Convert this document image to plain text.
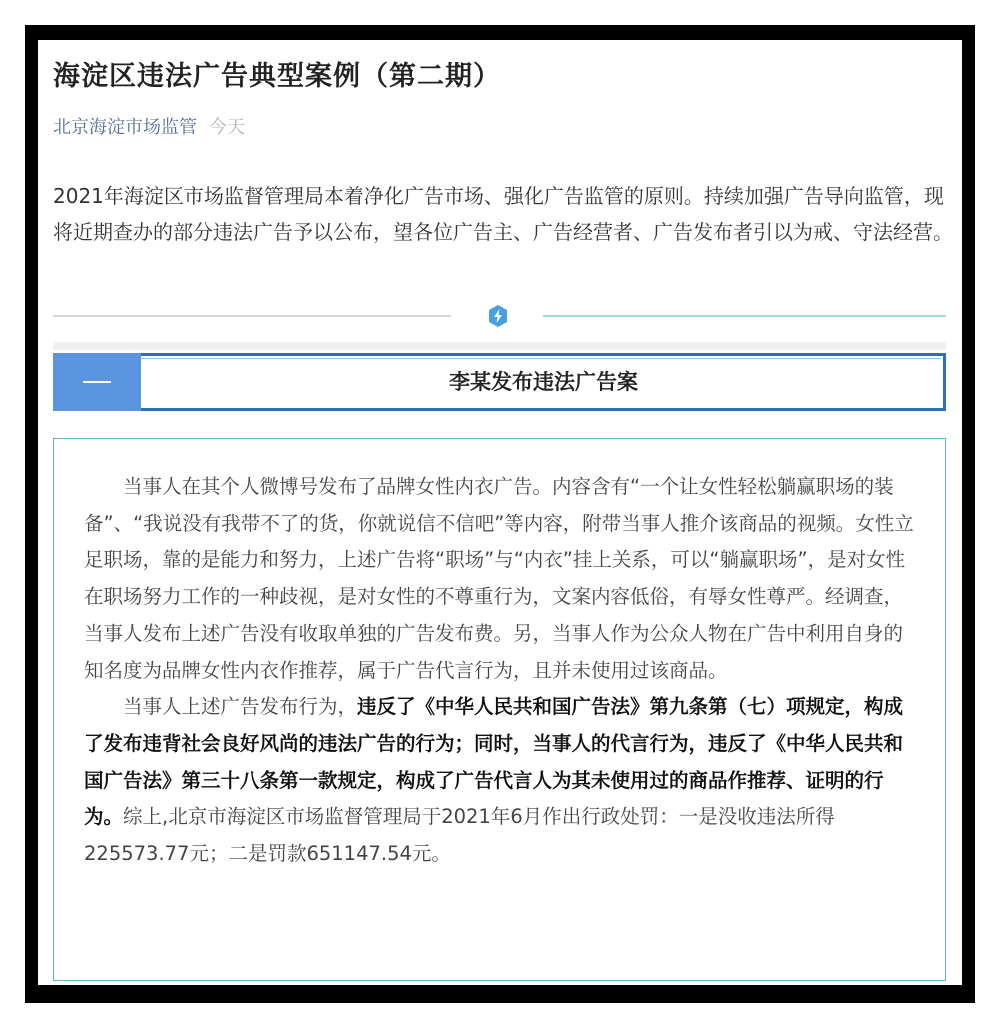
海淀区违法广告典型案例（第二期）
北京海淀市场监管 今天
2021年海淀区市场监督管理局本着净化广告市场、强化广告监管的原则。持续加强广告导向监管，现将近期查办的部分违法广告予以公布，望各位广告主、广告经营者、广告发布者引以为戒、守法经营。
李某发布违法广告案

当事人在其个人微博号发布了品牌女性内衣广告。内容含有“一个让女性轻松躺赢职场的装备”、“我说没有我带不了的货，你就说信不信吧”等内容，附带当事人推介该商品的视频。女性立足职场，靠的是能力和努力，上述广告将“职场”与“内衣”挂上关系，可以“躺赢职场”，是对女性在职场努力工作的一种歧视，是对女性的不尊重行为，文案内容低俗，有辱女性尊严。经调查，当事人发布上述广告没有收取单独的广告发布费。另，当事人作为公众人物在广告中利用自身的知名度为品牌女性内衣作推荐，属于广告代言行为，且并未使用过该商品。

当事人上述广告发布行为，违反了《中华人民共和国广告法》第九条第（七）项规定，构成了发布违背社会良好风尚的违法广告的行为；同时，当事人的代言行为，违反了《中华人民共和国广告法》第三十八条第一款规定，构成了广告代言人为其未使用过的商品作推荐、证明的行为。综上,北京市海淀区市场监督管理局于2021年6月作出行政处罚：一是没收违法所得225573.77元；二是罚款651147.54元。
